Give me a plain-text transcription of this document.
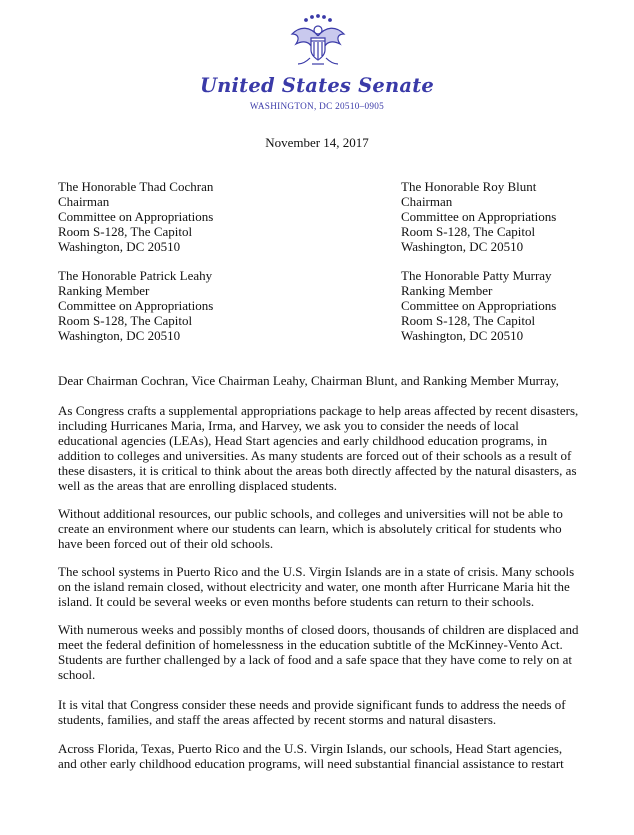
United States Senate
WASHINGTON, DC 20510–0905
November 14, 2017
The Honorable Thad Cochran
Chairman
Committee on Appropriations
Room S-128, The Capitol
Washington, DC 20510
The Honorable Roy Blunt
Chairman
Committee on Appropriations
Room S-128, The Capitol
Washington, DC 20510
The Honorable Patrick Leahy
Ranking Member
Committee on Appropriations
Room S-128, The Capitol
Washington, DC 20510
The Honorable Patty Murray
Ranking Member
Committee on Appropriations
Room S-128, The Capitol
Washington, DC 20510
Dear Chairman Cochran, Vice Chairman Leahy, Chairman Blunt, and Ranking Member Murray,
As Congress crafts a supplemental appropriations package to help areas affected by recent disasters,
including Hurricanes Maria, Irma, and Harvey, we ask you to consider the needs of local
educational agencies (LEAs), Head Start agencies and early childhood education programs, in
addition to colleges and universities. As many students are forced out of their schools as a result of
these disasters, it is critical to think about the areas both directly affected by the natural disasters, as
well as the areas that are enrolling displaced students.
Without additional resources, our public schools, and colleges and universities will not be able to
create an environment where our students can learn, which is absolutely critical for students who
have been forced out of their old schools.
The school systems in Puerto Rico and the U.S. Virgin Islands are in a state of crisis. Many schools
on the island remain closed, without electricity and water, one month after Hurricane Maria hit the
island. It could be several weeks or even months before students can return to their schools.
With numerous weeks and possibly months of closed doors, thousands of children are displaced and
meet the federal definition of homelessness in the education subtitle of the McKinney-Vento Act.
Students are further challenged by a lack of food and a safe space that they have come to rely on at
school.
It is vital that Congress consider these needs and provide significant funds to address the needs of
students, families, and staff the areas affected by recent storms and natural disasters.
Across Florida, Texas, Puerto Rico and the U.S. Virgin Islands, our schools, Head Start agencies,
and other early childhood education programs, will need substantial financial assistance to restart
